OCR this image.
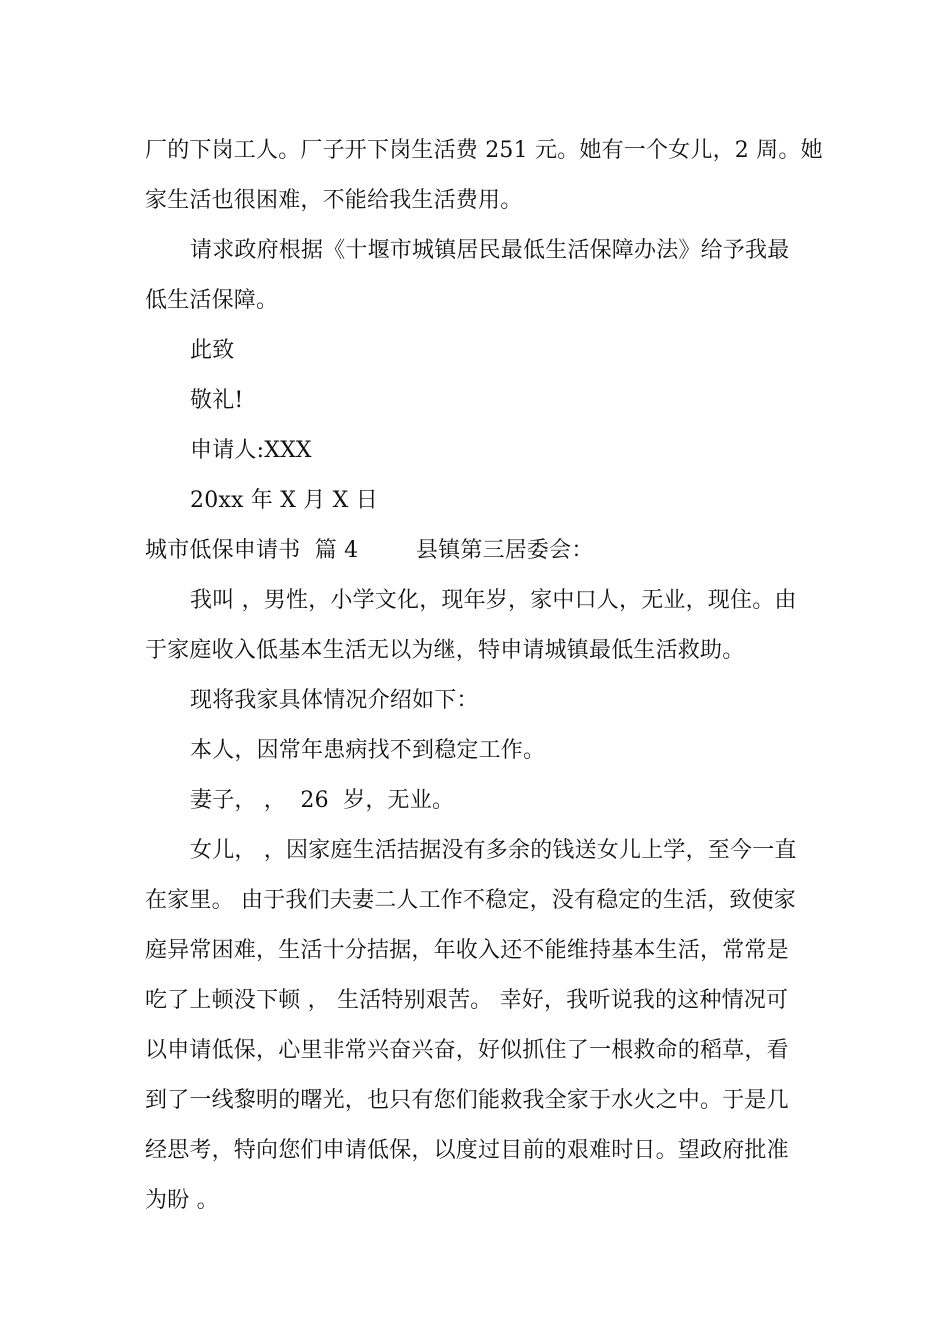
厂的下岗工人。厂子开下岗生活费 251 元。她有一个女儿，2 周。她
家生活也很困难，不能给我生活费用。
请求政府根据《十堰市城镇居民最低生活保障办法》给予我最
低生活保障。
此致
敬礼!
申请人:XXX
20xx 年 X 月 X 日
城市低保申请书  篇 4        县镇第三居委会：
我叫 ，男性，小学文化，现年岁，家中口人，无业，现住。由
于家庭收入低基本生活无以为继，特申请城镇最低生活救助。
现将我家具体情况介绍如下：
本人，因常年患病找不到稳定工作。
妻子， ，  26  岁，无业。
女儿， ，因家庭生活拮据没有多余的钱送女儿上学，至今一直
在家里。 由于我们夫妻二人工作不稳定，没有稳定的生活，致使家
庭异常困难，生活十分拮据，年收入还不能维持基本生活，常常是
吃了上顿没下顿 ， 生活特别艰苦。 幸好，我听说我的这种情况可
以申请低保，心里非常兴奋兴奋，好似抓住了一根救命的稻草，看
到了一线黎明的曙光，也只有您们能救我全家于水火之中。于是几
经思考，特向您们申请低保，以度过目前的艰难时日。望政府批准
为盼 。
